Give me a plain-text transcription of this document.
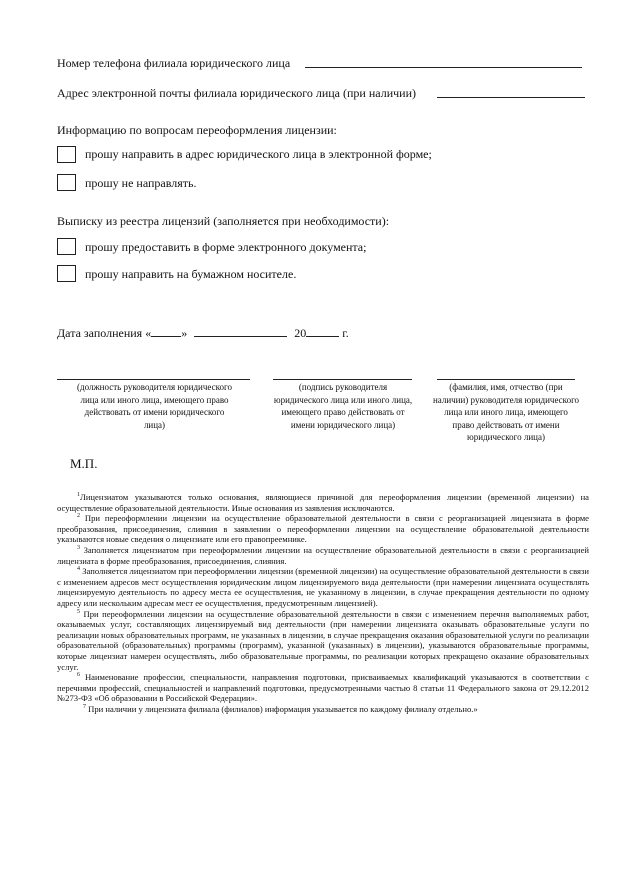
Номер телефона филиала юридического лица
Адрес электронной почты филиала юридического лица (при наличии)
Информацию по вопросам переоформления лицензии:
прошу направить в адрес юридического лица в электронной форме;
прошу не направлять.
Выписку из реестра лицензий (заполняется при необходимости):
прошу предоставить в форме электронного документа;
прошу направить на бумажном носителе.
Дата заполнения «	»	20	г.
(должность руководителя юридического лица или иного лица, имеющего право действовать от имени юридического лица)
(подпись руководителя юридического лица или иного лица, имеющего право действовать от имени юридического лица)
(фамилия, имя, отчество (при наличии) руководителя юридического лица или иного лица, имеющего право действовать от имени юридического лица)
М.П.

$^1$Лицензиатом указываются только основания, являющиеся причиной для переоформления лицензии (временной лицензии) на осуществление образовательной деятельности. Иные основания из заявления исключаются.

$^2$ При переоформлении лицензии на осуществление образовательной деятельности в связи с реорганизацией лицензиата в форме преобразования, присоединения, слияния в заявлении о переоформлении лицензии на осуществление образовательной деятельности указываются новые сведения о лицензиате или его правопреемнике.

$^3$ Заполняется лицензиатом при переоформлении лицензии на осуществление образовательной деятельности в связи с реорганизацией лицензиата в форме преобразования, присоединения, слияния.

$^4$ Заполняется лицензиатом при переоформлении лицензии (временной лицензии) на осуществление образовательной деятельности в связи с изменением адресов мест осуществления юридическим лицом лицензируемого вида деятельности (при намерении лицензиата осуществлять лицензируемую деятельность по адресу места ее осуществления, не указанному в лицензии, в случае прекращения деятельности по одному адресу или нескольким адресам мест ее осуществления, предусмотренным лицензией).

$^5$ При переоформлении лицензии на осуществление образовательной деятельности в связи с изменением перечня выполняемых работ, оказываемых услуг, составляющих лицензируемый вид деятельности (при намерении лицензиата оказывать образовательные услуги по реализации новых образовательных программ, не указанных в лицензии, в случае прекращения оказания образовательной услуги по реализации образовательной (образовательных) программы (программ), указанной (указанных) в лицензии), указываются образовательные программы, которые лицензиат намерен осуществлять, либо образовательные программы, по реализации которых прекращено оказание образовательных услуг.

$^6$ Наименование профессии, специальности, направления подготовки, присваиваемых квалификаций указываются в соответствии с перечнями профессий, специальностей и направлений подготовки, предусмотренными частью 8 статьи 11 Федерального закона от 29.12.2012 №273-ФЗ «Об образовании в Российской Федерации».

$^7$ При наличии у лицензиата филиала (филиалов) информация указывается по каждому филиалу отдельно.»
